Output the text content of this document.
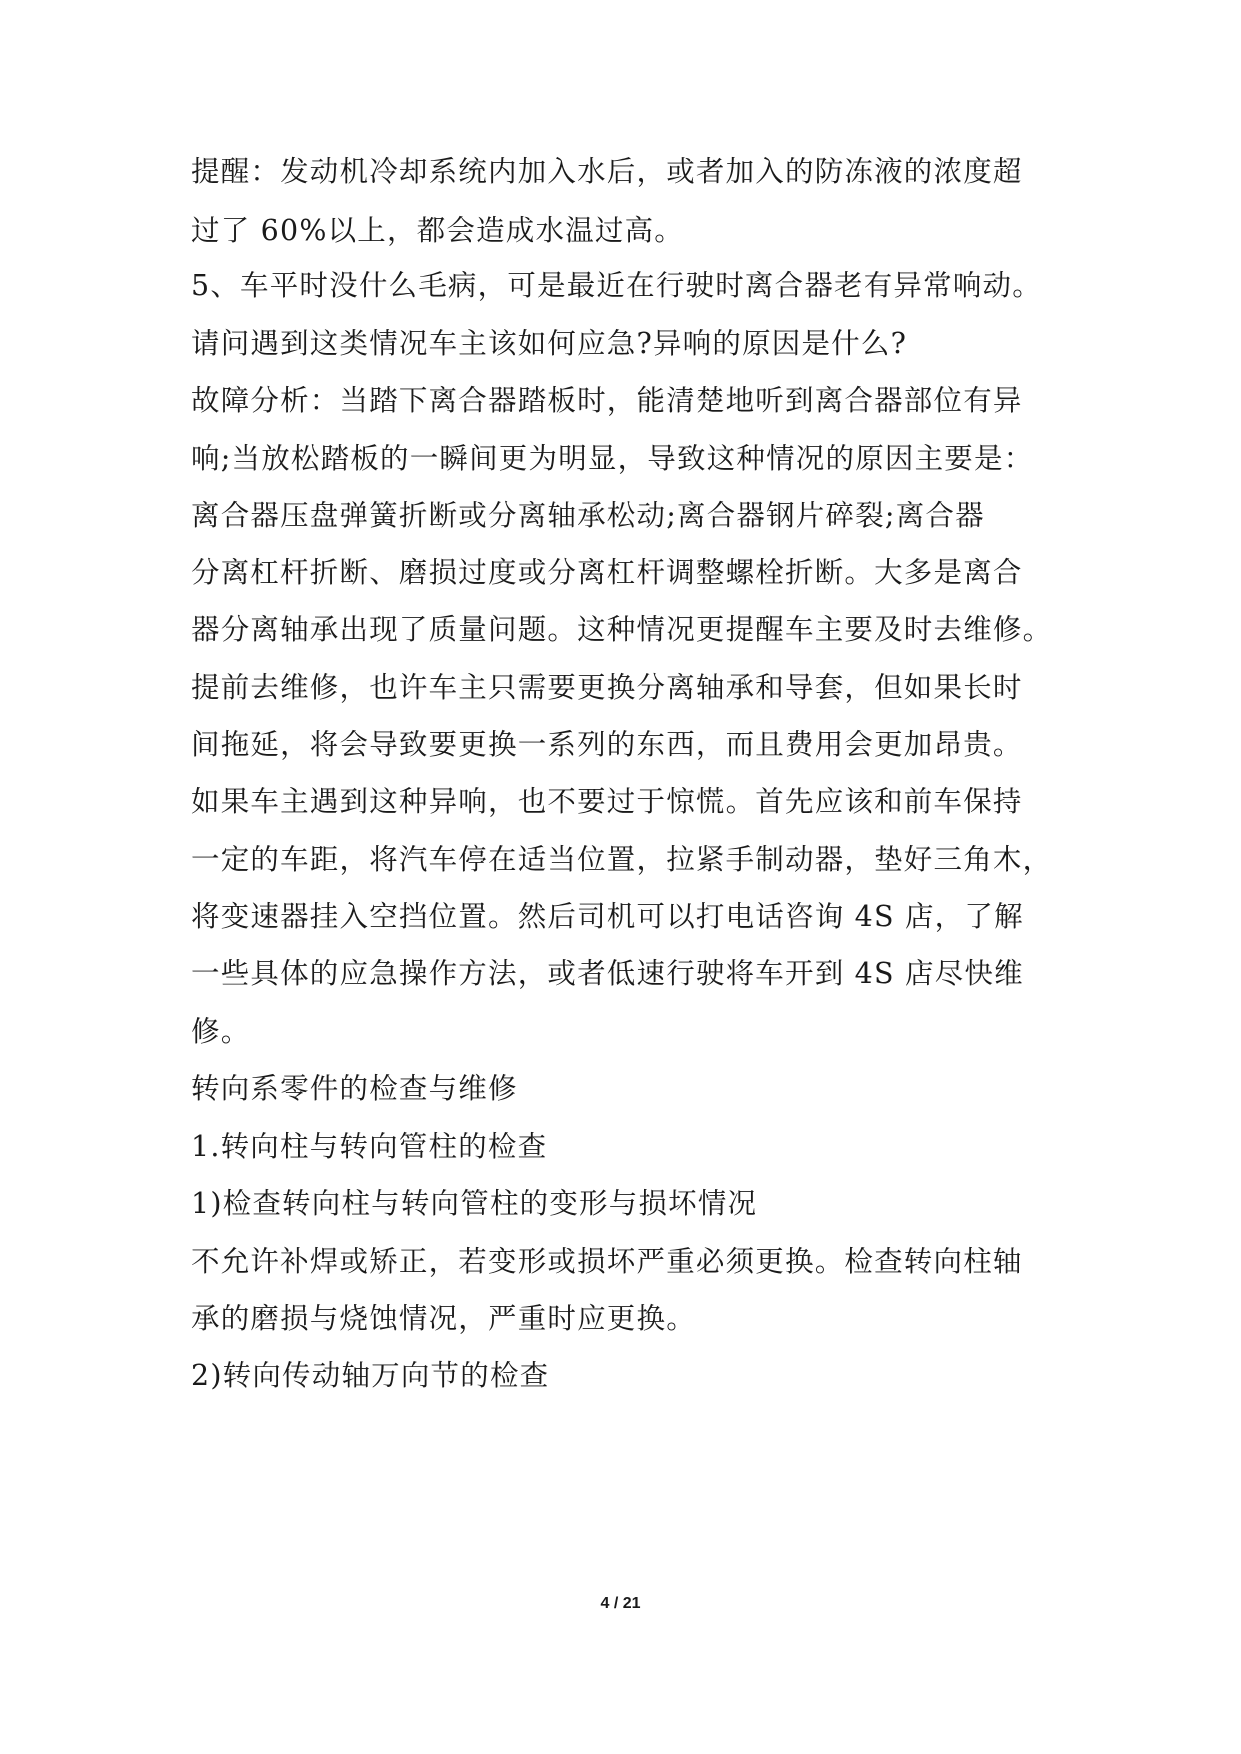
提醒：发动机冷却系统内加入水后，或者加入的防冻液的浓度超
过了 60%以上，都会造成水温过高。
5、车平时没什么毛病，可是最近在行驶时离合器老有异常响动。
请问遇到这类情况车主该如何应急?异响的原因是什么?
故障分析：当踏下离合器踏板时，能清楚地听到离合器部位有异
响;当放松踏板的一瞬间更为明显，导致这种情况的原因主要是：
离合器压盘弹簧折断或分离轴承松动;离合器钢片碎裂;离合器
分离杠杆折断、磨损过度或分离杠杆调整螺栓折断。大多是离合
器分离轴承出现了质量问题。这种情况更提醒车主要及时去维修。
提前去维修，也许车主只需要更换分离轴承和导套，但如果长时
间拖延，将会导致要更换一系列的东西，而且费用会更加昂贵。
如果车主遇到这种异响，也不要过于惊慌。首先应该和前车保持
一定的车距，将汽车停在适当位置，拉紧手制动器，垫好三角木，
将变速器挂入空挡位置。然后司机可以打电话咨询 4S 店，了解
一些具体的应急操作方法，或者低速行驶将车开到 4S 店尽快维
修。
转向系零件的检查与维修
1.转向柱与转向管柱的检查
1)检查转向柱与转向管柱的变形与损坏情况
不允许补焊或矫正，若变形或损坏严重必须更换。检查转向柱轴
承的磨损与烧蚀情况，严重时应更换。
2)转向传动轴万向节的检查
4 / 21
